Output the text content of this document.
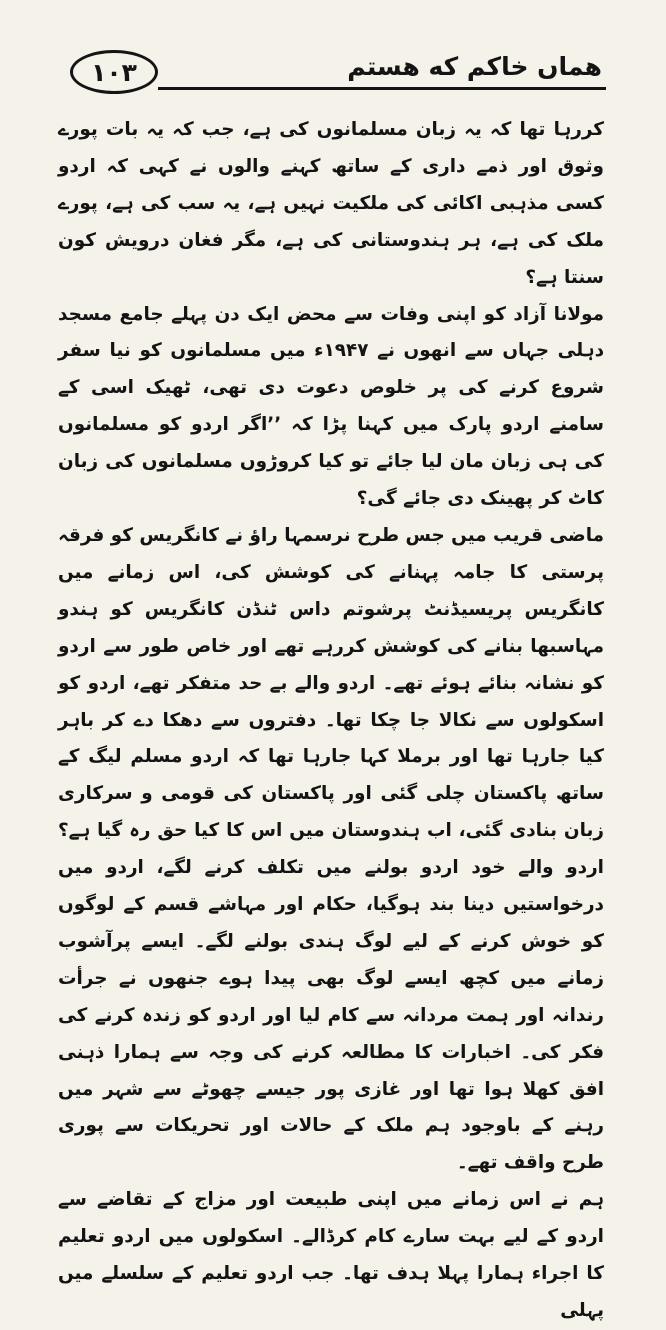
۱۰۳	هماں خاکم که هستم

کررہا تھا کہ یہ زبان مسلمانوں کی ہے، جب کہ یہ بات پورے وثوق اور ذمے داری کے ساتھ کہنے والوں نے کہی کہ اردو کسی مذہبی اکائی کی ملکیت نہیں ہے، یہ سب کی ہے، پورے ملک کی ہے، ہر ہندوستانی کی ہے، مگر فغان درویش کون سنتا ہے؟

مولانا آزاد کو اپنی وفات سے محض ایک دن پہلے جامع مسجد دہلی جہاں سے انھوں نے ۱۹۴۷ء میں مسلمانوں کو نیا سفر شروع کرنے کی پر خلوص دعوت دی تھی، ٹھیک اسی کے سامنے اردو پارک میں کہنا پڑا کہ ’’اگر اردو کو مسلمانوں کی ہی زبان مان لیا جائے تو کیا کروڑوں مسلمانوں کی زبان کاٹ کر پھینک دی جائے گی؟

ماضی قریب میں جس طرح نرسمہا راؤ نے کانگریس کو فرقہ پرستی کا جامہ پہنانے کی کوشش کی، اس زمانے میں کانگریس پریسیڈنٹ پرشوتم داس ٹنڈن کانگریس کو ہندو مہاسبھا بنانے کی کوشش کررہے تھے اور خاص طور سے اردو کو نشانہ بنائے ہوئے تھے۔ اردو والے بے حد متفکر تھے، اردو کو اسکولوں سے نکالا جا چکا تھا۔ دفتروں سے دھکا دے کر باہر کیا جارہا تھا اور برملا کہا جارہا تھا کہ اردو مسلم لیگ کے ساتھ پاکستان چلی گئی اور پاکستان کی قومی و سرکاری زبان بنادی گئی، اب ہندوستان میں اس کا کیا حق رہ گیا ہے؟ اردو والے خود اردو بولنے میں تکلف کرنے لگے، اردو میں درخواستیں دینا بند ہوگیا، حکام اور مہاشے قسم کے لوگوں کو خوش کرنے کے لیے لوگ ہندی بولنے لگے۔ ایسے پرآشوب زمانے میں کچھ ایسے لوگ بھی پیدا ہوے جنھوں نے جرأت رندانہ اور ہمت مردانہ سے کام لیا اور اردو کو زندہ کرنے کی فکر کی۔ اخبارات کا مطالعہ کرنے کی وجہ سے ہمارا ذہنی افق کھلا ہوا تھا اور غازی پور جیسے چھوٹے سے شہر میں رہنے کے باوجود ہم ملک کے حالات اور تحریکات سے پوری طرح واقف تھے۔

ہم نے اس زمانے میں اپنی طبیعت اور مزاج کے تقاضے سے اردو کے لیے بہت سارے کام کرڈالے۔ اسکولوں میں اردو تعلیم کا اجراء ہمارا پہلا ہدف تھا۔ جب اردو تعلیم کے سلسلے میں پہلی
